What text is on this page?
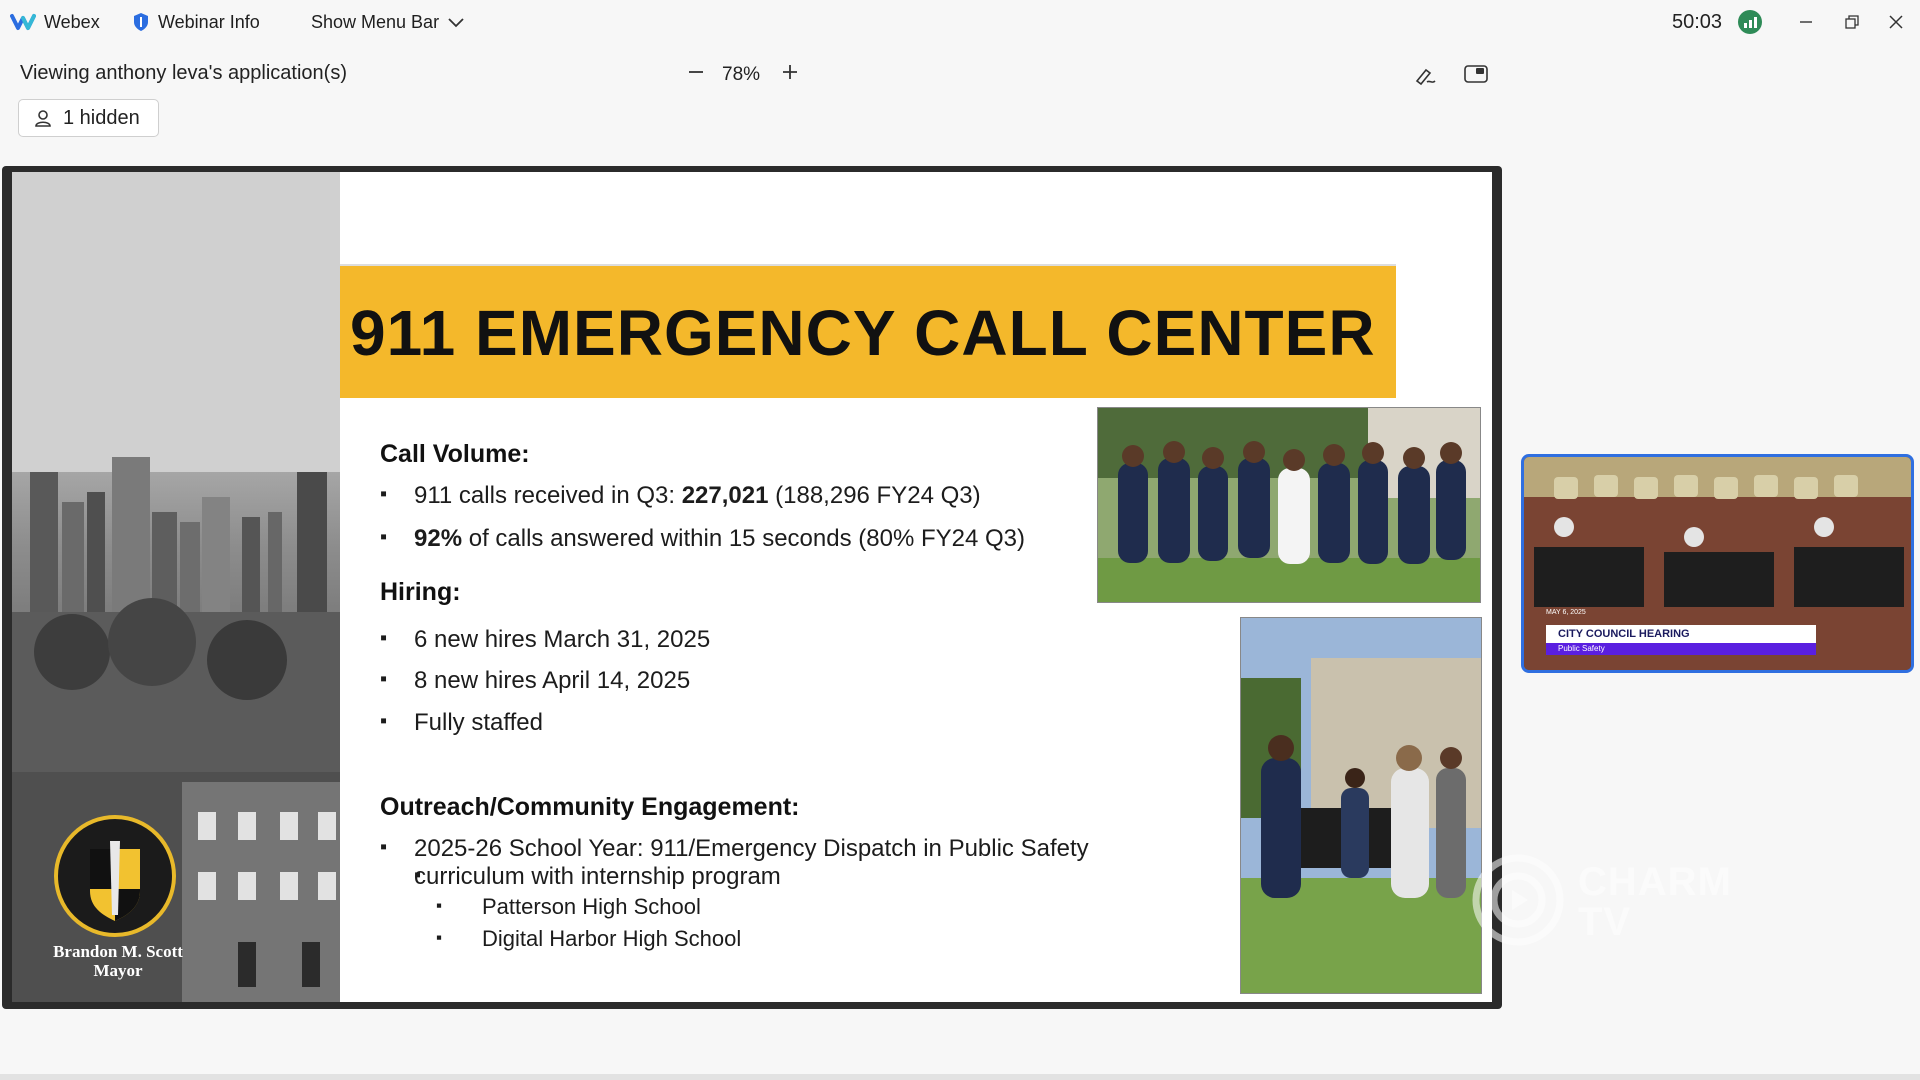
Webex	Webinar Info	Show Menu Bar	50:03
Viewing anthony leva's application(s)	78%
1 hidden
Brandon M. Scott
Mayor
911 EMERGENCY CALL CENTER
Call Volume:
911 calls received in Q3: 227,021 (188,296 FY24 Q3)
92% of calls answered within 15 seconds (80% FY24 Q3)
Hiring:
6 new hires March 31, 2025
8 new hires April 14, 2025
Fully staffed
Outreach/Community Engagement:
2025-26 School Year: 911/Emergency Dispatch in Public Safety
▪ curriculum with internship program
Patterson High School
Digital Harbor High School
MAY 6, 2025
CITY COUNCIL HEARING
Public Safety
CHARM
TV
